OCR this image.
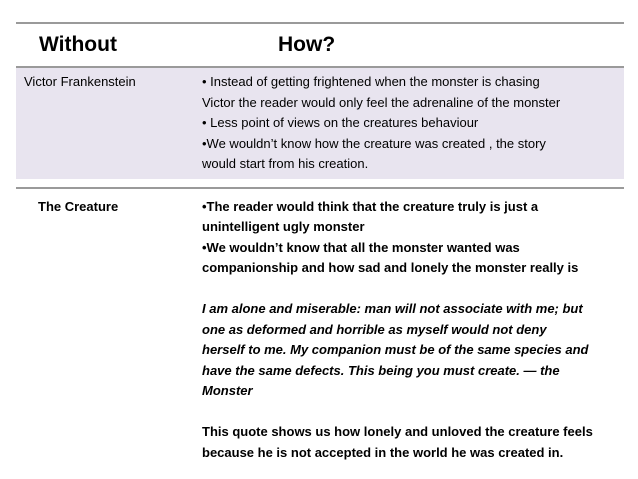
Without	How?
Victor Frankenstein	• Instead of getting frightened when the monster is chasing
Victor the reader would only feel the adrenaline of the monster
• Less point of views on the creatures behaviour
•We wouldn’t know how the creature was created , the story
would start from his creation.
The Creature	•The reader would think that the creature truly is just a
unintelligent ugly monster
•We wouldn’t know that all the monster wanted was
companionship and how sad and lonely the monster really is
I am alone and miserable: man will not associate with me; but
one as deformed and horrible as myself would not deny
herself to me. My companion must be of the same species and
have the same defects. This being you must create. — the
Monster
This quote shows us how lonely and unloved the creature feels
because he is not accepted in the world he was created in.
